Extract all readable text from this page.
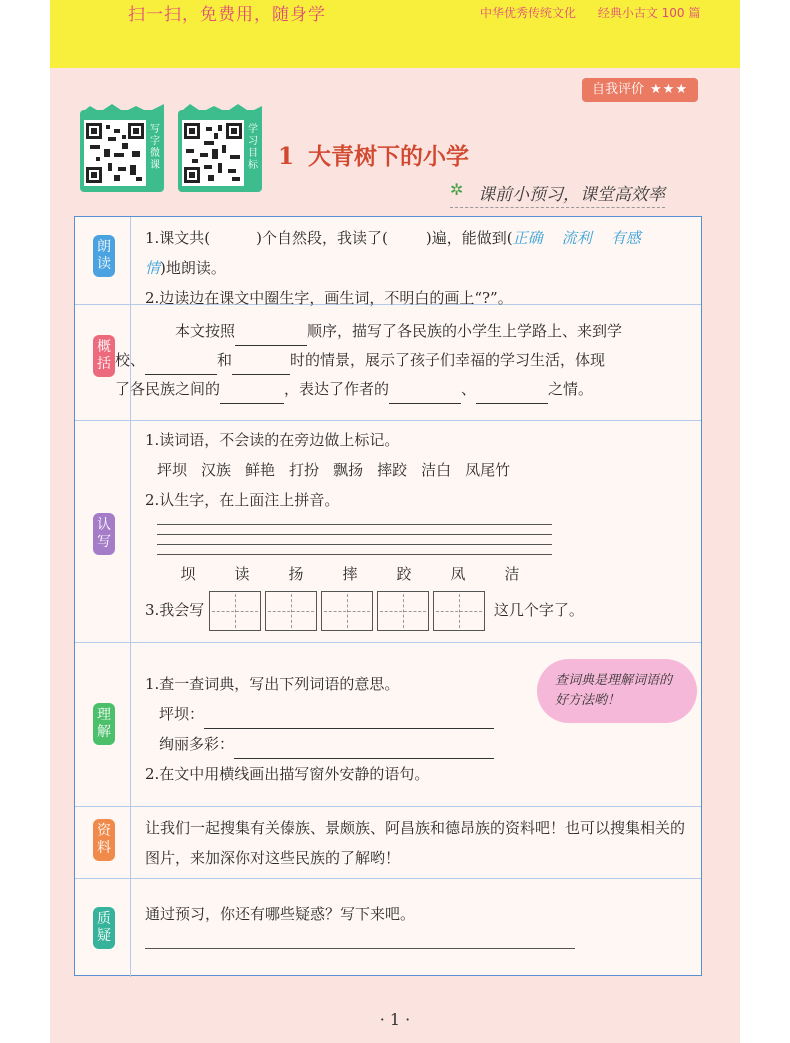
扫一扫，免费用，随身学	中华优秀传统文化 经典小古文 100 篇
自我评价 ★★★
写字微课
学习目标 1 大青树下的小学
✲ 课前小预习，课堂高效率
朗读
1.课文共(	)个自然段，我读了(	)遍，能做到(正确 流利 有感
情)地朗读。
2.边读边在课文中圈生字，画生词，不明白的画上“?”。
概括
本文按照	顺序，描写了各民族的小学生上学路上、来到学
校、	和	时的情景，展示了孩子们幸福的学习生活，体现
了各民族之间的	，表达了作者的	、	之情。
认写
1.读词语，不会读的在旁边做上标记。
坪坝 汉族 鲜艳 打扮 飘扬 摔跤 洁白 凤尾竹
2.认生字，在上面注上拼音。
坝	读	扬	摔	跤	凤	洁
3.我会写	这几个字了。
理解
1.查一查词典，写出下列词语的意思。
坪坝：
绚丽多彩：
2.在文中用横线画出描写窗外安静的语句。
查词典是理解词语的好方法哟！
资料
让我们一起搜集有关傣族、景颇族、阿昌族和德昂族的资料吧！也可以搜集相关的图片，来加深你对这些民族的了解哟！
质疑
通过预习，你还有哪些疑惑？写下来吧。
· 1 ·
